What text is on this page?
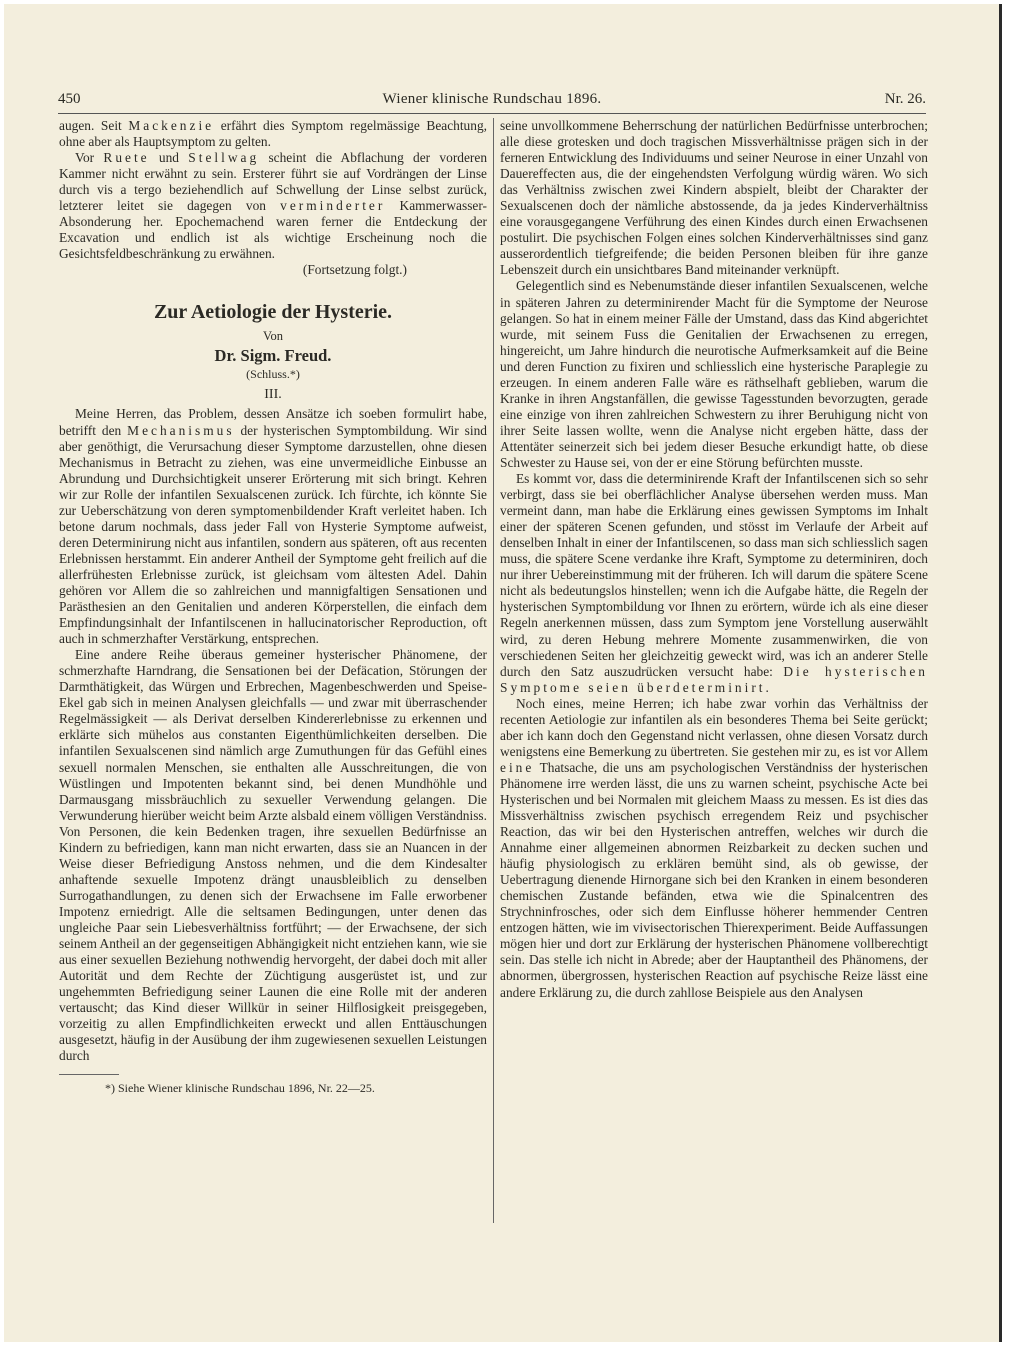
450	Wiener klinische Rundschau 1896.	Nr. 26.

augen. Seit Mackenzie erfährt dies Symptom regelmässige Beachtung, ohne aber als Hauptsymptom zu gelten.

Vor Ruete und Stellwag scheint die Abflachung der vorderen Kammer nicht erwähnt zu sein. Ersterer führt sie auf Vordrängen der Linse durch vis a tergo beziehendlich auf Schwellung der Linse selbst zurück, letzterer leitet sie dagegen von verminderter Kammerwasser-Absonderung her. Epochemachend waren ferner die Entdeckung der Excavation und endlich ist als wichtige Erscheinung noch die Gesichtsfeldbeschränkung zu erwähnen.

(Fortsetzung folgt.)

Zur Aetiologie der Hysterie.

Von

Dr. Sigm. Freud.

(Schluss.*)

III.

Meine Herren, das Problem, dessen Ansätze ich soeben formulirt habe, betrifft den Mechanismus der hysterischen Symptombildung. Wir sind aber genöthigt, die Verursachung dieser Symptome darzustellen, ohne diesen Mechanismus in Betracht zu ziehen, was eine unvermeidliche Einbusse an Abrundung und Durchsichtigkeit unserer Erörterung mit sich bringt. Kehren wir zur Rolle der infantilen Sexualscenen zurück. Ich fürchte, ich könnte Sie zur Ueberschätzung von deren symptomenbildender Kraft verleitet haben. Ich betone darum nochmals, dass jeder Fall von Hysterie Symptome aufweist, deren Determinirung nicht aus infantilen, sondern aus späteren, oft aus recenten Erlebnissen herstammt. Ein anderer Antheil der Symptome geht freilich auf die allerfrühesten Erlebnisse zurück, ist gleichsam vom ältesten Adel. Dahin gehören vor Allem die so zahlreichen und mannigfaltigen Sensationen und Parästhesien an den Genitalien und anderen Körperstellen, die einfach dem Empfindungsinhalt der Infantilscenen in hallucinatorischer Reproduction, oft auch in schmerzhafter Verstärkung, entsprechen.

Eine andere Reihe überaus gemeiner hysterischer Phänomene, der schmerzhafte Harndrang, die Sensationen bei der Defäcation, Störungen der Darmthätigkeit, das Würgen und Erbrechen, Magenbeschwerden und Speise-Ekel gab sich in meinen Analysen gleichfalls — und zwar mit überraschender Regelmässigkeit — als Derivat derselben Kindererlebnisse zu erkennen und erklärte sich mühelos aus constanten Eigenthümlichkeiten derselben. Die infantilen Sexualscenen sind nämlich arge Zumuthungen für das Gefühl eines sexuell normalen Menschen, sie enthalten alle Ausschreitungen, die von Wüstlingen und Impotenten bekannt sind, bei denen Mundhöhle und Darmausgang missbräuchlich zu sexueller Verwendung gelangen. Die Verwunderung hierüber weicht beim Arzte alsbald einem völligen Verständniss. Von Personen, die kein Bedenken tragen, ihre sexuellen Bedürfnisse an Kindern zu befriedigen, kann man nicht erwarten, dass sie an Nuancen in der Weise dieser Befriedigung Anstoss nehmen, und die dem Kindesalter anhaftende sexuelle Impotenz drängt unausbleiblich zu denselben Surrogathandlungen, zu denen sich der Erwachsene im Falle erworbener Impotenz erniedrigt. Alle die seltsamen Bedingungen, unter denen das ungleiche Paar sein Liebesverhältniss fortführt; — der Erwachsene, der sich seinem Antheil an der gegenseitigen Abhängigkeit nicht entziehen kann, wie sie aus einer sexuellen Beziehung nothwendig hervorgeht, der dabei doch mit aller Autorität und dem Rechte der Züchtigung ausgerüstet ist, und zur ungehemmten Befriedigung seiner Launen die eine Rolle mit der anderen vertauscht; das Kind dieser Willkür in seiner Hilflosigkeit preisgegeben, vorzeitig zu allen Empfindlichkeiten erweckt und allen Enttäuschungen ausgesetzt, häufig in der Ausübung der ihm zugewiesenen sexuellen Leistungen durch

*) Siehe Wiener klinische Rundschau 1896, Nr. 22—25.

seine unvollkommene Beherrschung der natürlichen Bedürfnisse unterbrochen; alle diese grotesken und doch tragischen Missverhältnisse prägen sich in der ferneren Entwicklung des Individuums und seiner Neurose in einer Unzahl von Dauereffecten aus, die der eingehendsten Verfolgung würdig wären. Wo sich das Verhältniss zwischen zwei Kindern abspielt, bleibt der Charakter der Sexualscenen doch der nämliche abstossende, da ja jedes Kinderverhältniss eine vorausgegangene Verführung des einen Kindes durch einen Erwachsenen postulirt. Die psychischen Folgen eines solchen Kinderverhältnisses sind ganz ausserordentlich tiefgreifende; die beiden Personen bleiben für ihre ganze Lebenszeit durch ein unsichtbares Band miteinander verknüpft.

Gelegentlich sind es Nebenumstände dieser infantilen Sexualscenen, welche in späteren Jahren zu determinirender Macht für die Symptome der Neurose gelangen. So hat in einem meiner Fälle der Umstand, dass das Kind abgerichtet wurde, mit seinem Fuss die Genitalien der Erwachsenen zu erregen, hingereicht, um Jahre hindurch die neurotische Aufmerksamkeit auf die Beine und deren Function zu fixiren und schliesslich eine hysterische Paraplegie zu erzeugen. In einem anderen Falle wäre es räthselhaft geblieben, warum die Kranke in ihren Angstanfällen, die gewisse Tagesstunden bevorzugten, gerade eine einzige von ihren zahlreichen Schwestern zu ihrer Beruhigung nicht von ihrer Seite lassen wollte, wenn die Analyse nicht ergeben hätte, dass der Attentäter seinerzeit sich bei jedem dieser Besuche erkundigt hatte, ob diese Schwester zu Hause sei, von der er eine Störung befürchten musste.

Es kommt vor, dass die determinirende Kraft der Infantilscenen sich so sehr verbirgt, dass sie bei oberflächlicher Analyse übersehen werden muss. Man vermeint dann, man habe die Erklärung eines gewissen Symptoms im Inhalt einer der späteren Scenen gefunden, und stösst im Verlaufe der Arbeit auf denselben Inhalt in einer der Infantilscenen, so dass man sich schliesslich sagen muss, die spätere Scene verdanke ihre Kraft, Symptome zu determiniren, doch nur ihrer Uebereinstimmung mit der früheren. Ich will darum die spätere Scene nicht als bedeutungslos hinstellen; wenn ich die Aufgabe hätte, die Regeln der hysterischen Symptombildung vor Ihnen zu erörtern, würde ich als eine dieser Regeln anerkennen müssen, dass zum Symptom jene Vorstellung auserwählt wird, zu deren Hebung mehrere Momente zusammenwirken, die von verschiedenen Seiten her gleichzeitig geweckt wird, was ich an anderer Stelle durch den Satz auszudrücken versucht habe: Die hysterischen Symptome seien überdeterminirt.

Noch eines, meine Herren; ich habe zwar vorhin das Verhältniss der recenten Aetiologie zur infantilen als ein besonderes Thema bei Seite gerückt; aber ich kann doch den Gegenstand nicht verlassen, ohne diesen Vorsatz durch wenigstens eine Bemerkung zu übertreten. Sie gestehen mir zu, es ist vor Allem eine Thatsache, die uns am psychologischen Verständniss der hysterischen Phänomene irre werden lässt, die uns zu warnen scheint, psychische Acte bei Hysterischen und bei Normalen mit gleichem Maass zu messen. Es ist dies das Missverhältniss zwischen psychisch erregendem Reiz und psychischer Reaction, das wir bei den Hysterischen antreffen, welches wir durch die Annahme einer allgemeinen abnormen Reizbarkeit zu decken suchen und häufig physiologisch zu erklären bemüht sind, als ob gewisse, der Uebertragung dienende Hirnorgane sich bei den Kranken in einem besonderen chemischen Zustande befänden, etwa wie die Spinalcentren des Strychninfrosches, oder sich dem Einflusse höherer hemmender Centren entzogen hätten, wie im vivisectorischen Thierexperiment. Beide Auffassungen mögen hier und dort zur Erklärung der hysterischen Phänomene vollberechtigt sein. Das stelle ich nicht in Abrede; aber der Hauptantheil des Phänomens, der abnormen, übergrossen, hysterischen Reaction auf psychische Reize lässt eine andere Erklärung zu, die durch zahllose Beispiele aus den Analysen
